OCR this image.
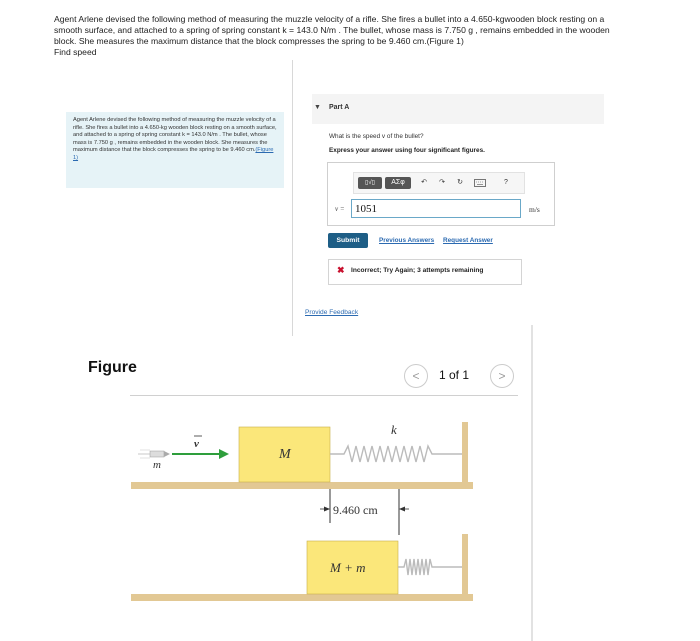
Agent Arlene devised the following method of measuring the muzzle velocity of a rifle. She fires a bullet into a 4.650-kgwooden block resting on a smooth surface, and attached to a spring of spring constant k = 143.0 N/m . The bullet, whose mass is 7.750 g , remains embedded in the wooden block. She measures the maximum distance that the block compresses the spring to be 9.460 cm.(Figure 1)
Find speed
Agent Arlene devised the following method of measuring the muzzle velocity of a rifle. She fires a bullet into a 4.650-kg wooden block resting on a smooth surface, and attached to a spring of spring constant k = 143.0 N/m . The bullet, whose mass is 7.750 g , remains embedded in the wooden block. She measures the maximum distance that the block compresses the spring to be 9.460 cm.(Figure 1)
▼ Part A
What is the speed v of the bullet?
Express your answer using four significant figures.
▯√▯	ΑΣφ	↶	↷	↻	?
v =
1051	m/s
Submit	Previous Answers Request Answer
✖ Incorrect; Try Again; 3 attempts remaining
Provide Feedback
Figure	<	1 of 1	>
M
k
v
m
9.460 cm
M + m
